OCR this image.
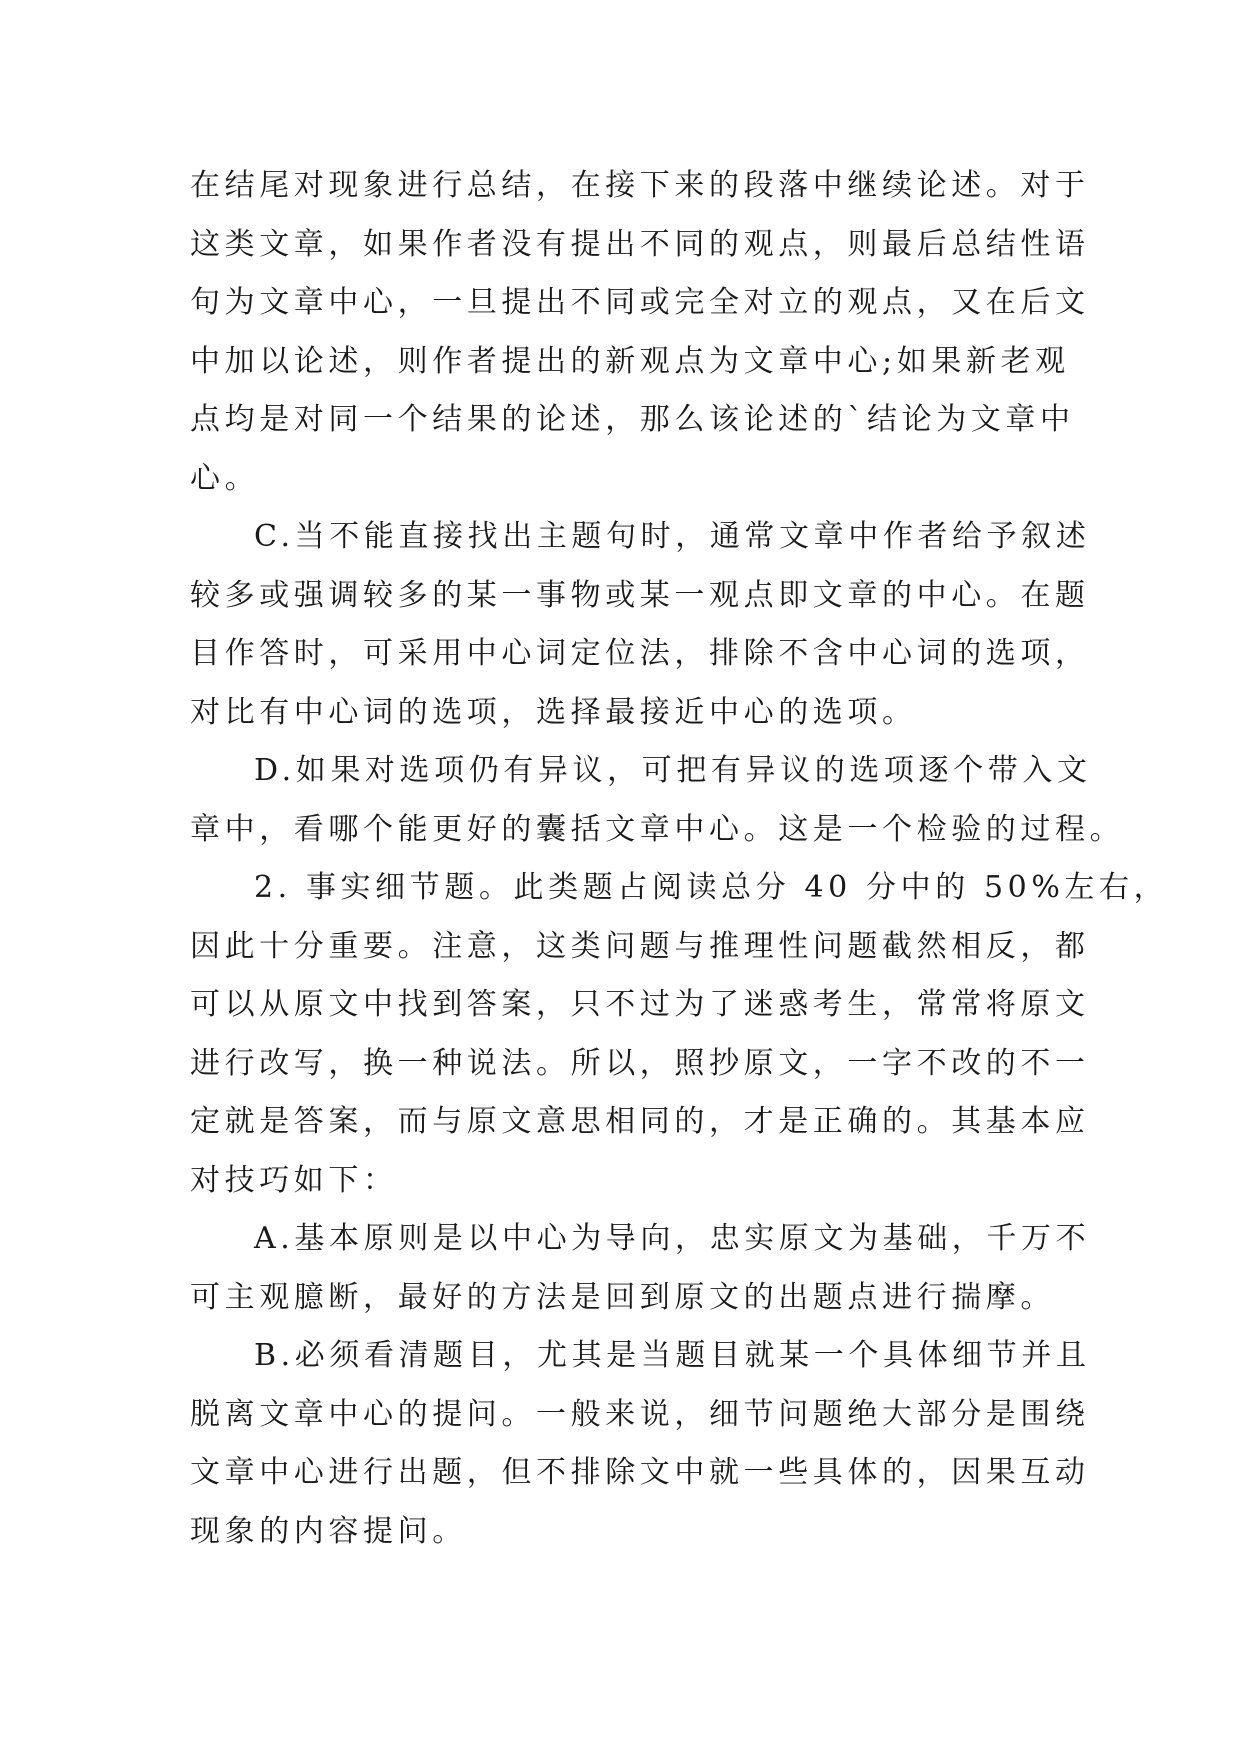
在结尾对现象进行总结，在接下来的段落中继续论述。对于
这类文章，如果作者没有提出不同的观点，则最后总结性语
句为文章中心，一旦提出不同或完全对立的观点，又在后文
中加以论述，则作者提出的新观点为文章中心;如果新老观
点均是对同一个结果的论述，那么该论述的`结论为文章中
心。

C.当不能直接找出主题句时，通常文章中作者给予叙述
较多或强调较多的某一事物或某一观点即文章的中心。在题
目作答时，可采用中心词定位法，排除不含中心词的选项，
对比有中心词的选项，选择最接近中心的选项。

D.如果对选项仍有异议，可把有异议的选项逐个带入文
章中，看哪个能更好的囊括文章中心。这是一个检验的过程。

2. 事实细节题。此类题占阅读总分 40 分中的 50%左右，
因此十分重要。注意，这类问题与推理性问题截然相反，都
可以从原文中找到答案，只不过为了迷惑考生，常常将原文
进行改写，换一种说法。所以，照抄原文，一字不改的不一
定就是答案，而与原文意思相同的，才是正确的。其基本应
对技巧如下：

A.基本原则是以中心为导向，忠实原文为基础，千万不
可主观臆断，最好的方法是回到原文的出题点进行揣摩。

B.必须看清题目，尤其是当题目就某一个具体细节并且
脱离文章中心的提问。一般来说，细节问题绝大部分是围绕
文章中心进行出题，但不排除文中就一些具体的，因果互动
现象的内容提问。
